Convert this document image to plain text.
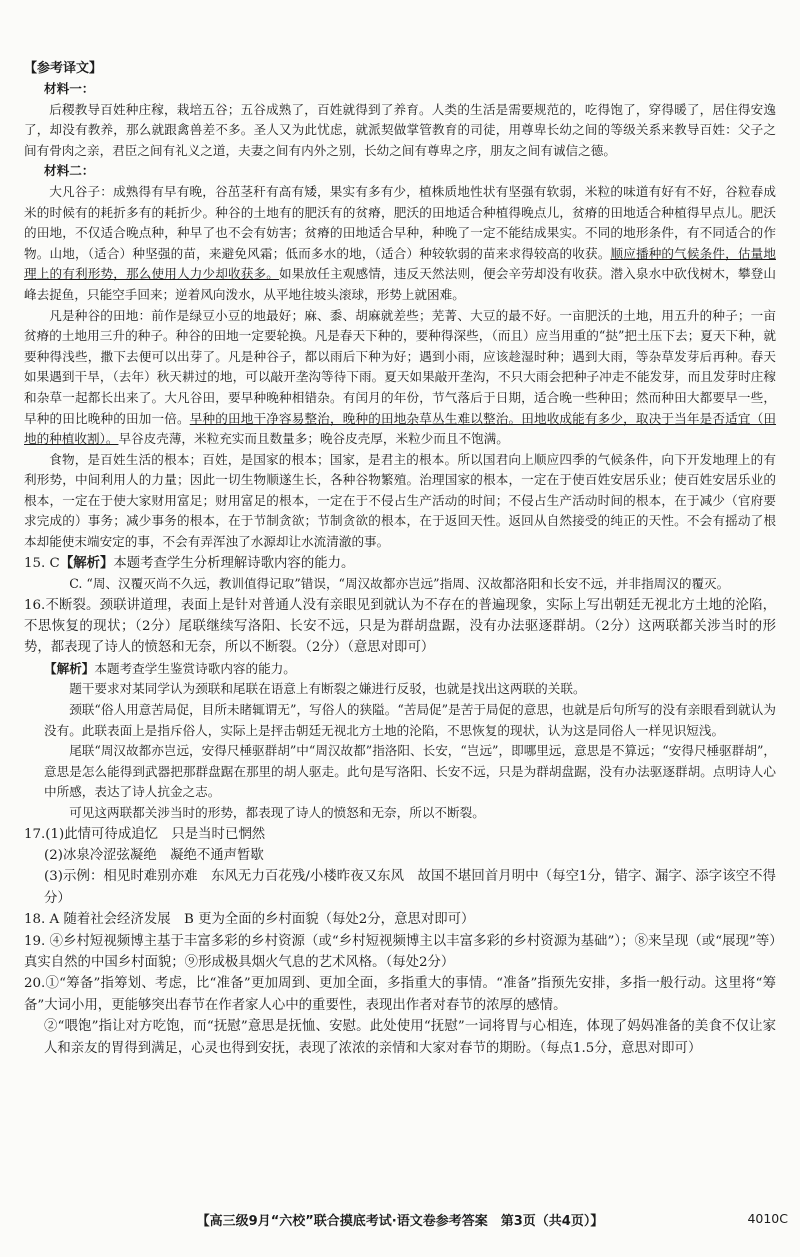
【参考译文】

材料一：

后稷教导百姓种庄稼，栽培五谷；五谷成熟了，百姓就得到了养育。人类的生活是需要规范的，吃得饱了，穿得暖了，居住得安逸了，却没有教养，那么就跟禽兽差不多。圣人又为此忧虑，就派契做掌管教育的司徒，用尊卑长幼之间的等级关系来教导百姓：父子之间有骨肉之亲，君臣之间有礼义之道，夫妻之间有内外之别，长幼之间有尊卑之序，朋友之间有诚信之德。

材料二：

大凡谷子：成熟得有早有晚，谷茁茎秆有高有矮，果实有多有少，植株质地性状有坚强有软弱，米粒的味道有好有不好，谷粒春成米的时候有的耗折多有的耗折少。种谷的土地有的肥沃有的贫瘠，肥沃的田地适合种植得晚点儿，贫瘠的田地适合种植得早点儿。肥沃的田地，不仅适合晚点种，种早了也不会有妨害；贫瘠的田地适合早种，种晚了一定不能结成果实。不同的地形条件，有不同适合的作物。山地，（适合）种坚强的苗，来避免风霜；低而多水的地，（适合）种较软弱的苗来求得较高的收获。顺应播种的气候条件，估量地理上的有利形势，那么使用人力少却收获多。如果放任主观感情，违反天然法则，便会辛劳却没有收获。潜入泉水中砍伐树木，攀登山峰去捉鱼，只能空手回来；逆着风向泼水，从平地往坡头滚球，形势上就困难。

凡是种谷的田地：前作是绿豆小豆的地最好；麻、黍、胡麻就差些；芜菁、大豆的最不好。一亩肥沃的土地，用五升的种子；一亩贫瘠的土地用三升的种子。种谷的田地一定要轮换。凡是春天下种的，要种得深些，（而且）应当用重的“挞”把土压下去；夏天下种，就要种得浅些，撒下去便可以出芽了。凡是种谷子，都以雨后下种为好；遇到小雨，应该趁湿时种；遇到大雨，等杂草发芽后再种。春天如果遇到干旱，（去年）秋天耕过的地，可以敲开垄沟等待下雨。夏天如果敲开垄沟，不只大雨会把种子冲走不能发芽，而且发芽时庄稼和杂草一起都长出来了。大凡谷田，要早种晚种相错杂。有闰月的年份，节气落后于日期，适合晚一些种田；然而种田大都要早一些，早种的田比晚种的田加一倍。早种的田地干净容易整治，晚种的田地杂草丛生难以整治。田地收成能有多少，取决于当年是否适宜（田地的种植收割）。早谷皮壳薄，米粒充实而且数量多；晚谷皮壳厚，米粒少而且不饱满。

食物，是百姓生活的根本；百姓，是国家的根本；国家，是君主的根本。所以国君向上顺应四季的气候条件，向下开发地理上的有利形势，中间利用人的力量；因此一切生物顺遂生长，各种谷物繁殖。治理国家的根本，一定在于使百姓安居乐业；使百姓安居乐业的根本，一定在于使大家财用富足；财用富足的根本，一定在于不侵占生产活动的时间；不侵占生产活动时间的根本，在于减少（官府要求完成的）事务；减少事务的根本，在于节制贪欲；节制贪欲的根本，在于返回天性。返回从自然接受的纯正的天性。不会有摇动了根本却能使末端安定的事，不会有弄浑浊了水源却让水流清澈的事。

15. C【解析】本题考查学生分析理解诗歌内容的能力。

C. “周、汉覆灭尚不久远，教训值得记取”错误，“周汉故都亦岂远”指周、汉故都洛阳和长安不远，并非指周汉的覆灭。

16.不断裂。颈联讲道理，表面上是针对普通人没有亲眼见到就认为不存在的普遍现象，实际上写出朝廷无视北方土地的沦陷，不思恢复的现状；（2分）尾联继续写洛阳、长安不远，只是为群胡盘踞，没有办法驱逐群胡。（2分）这两联都关涉当时的形势，都表现了诗人的愤怒和无奈，所以不断裂。（2分）（意思对即可）

【解析】本题考查学生鉴赏诗歌内容的能力。

题干要求对某同学认为颈联和尾联在语意上有断裂之嫌进行反驳，也就是找出这两联的关联。

颈联“俗人用意苦局促，目所未睹辄谓无”，写俗人的狭隘。“苦局促”是苦于局促的意思，也就是后句所写的没有亲眼看到就认为没有。此联表面上是指斥俗人，实际上是抨击朝廷无视北方土地的沦陷，不思恢复的现状，认为这是同俗人一样见识短浅。

尾联“周汉故都亦岂远，安得尺棰驱群胡”中“周汉故都”指洛阳、长安，“岂远”，即哪里远，意思是不算远；“安得尺棰驱群胡”，意思是怎么能得到武器把那群盘踞在那里的胡人驱走。此句是写洛阳、长安不远，只是为群胡盘踞，没有办法驱逐群胡。点明诗人心中所感，表达了诗人抗金之志。

可见这两联都关涉当时的形势，都表现了诗人的愤怒和无奈，所以不断裂。

17.(1)此情可待成追忆　只是当时已惘然

(2)冰泉冷涩弦凝绝　凝绝不通声暂歇

(3)示例：相见时难别亦难　东风无力百花残/小楼昨夜又东风　故国不堪回首月明中（每空1分，错字、漏字、添字该空不得分）

18. A 随着社会经济发展　B 更为全面的乡村面貌（每处2分，意思对即可）

19. ④乡村短视频博主基于丰富多彩的乡村资源（或“乡村短视频博主以丰富多彩的乡村资源为基础”）；⑧来呈现（或“展现”等）真实自然的中国乡村面貌；⑨形成极具烟火气息的艺术风格。（每处2分）

20.①“筹备”指筹划、考虑，比“准备”更加周到、更加全面，多指重大的事情。“准备”指预先安排，多指一般行动。这里将“筹备”大词小用，更能够突出春节在作者家人心中的重要性，表现出作者对春节的浓厚的感情。

②“喂饱”指让对方吃饱，而“抚慰”意思是抚恤、安慰。此处使用“抚慰”一词将胃与心相连，体现了妈妈准备的美食不仅让家人和亲友的胃得到满足，心灵也得到安抚，表现了浓浓的亲情和大家对春节的期盼。（每点1.5分，意思对即可）

【高三级9月“六校”联合摸底考试·语文卷参考答案　第3页（共4页）】	4010C
